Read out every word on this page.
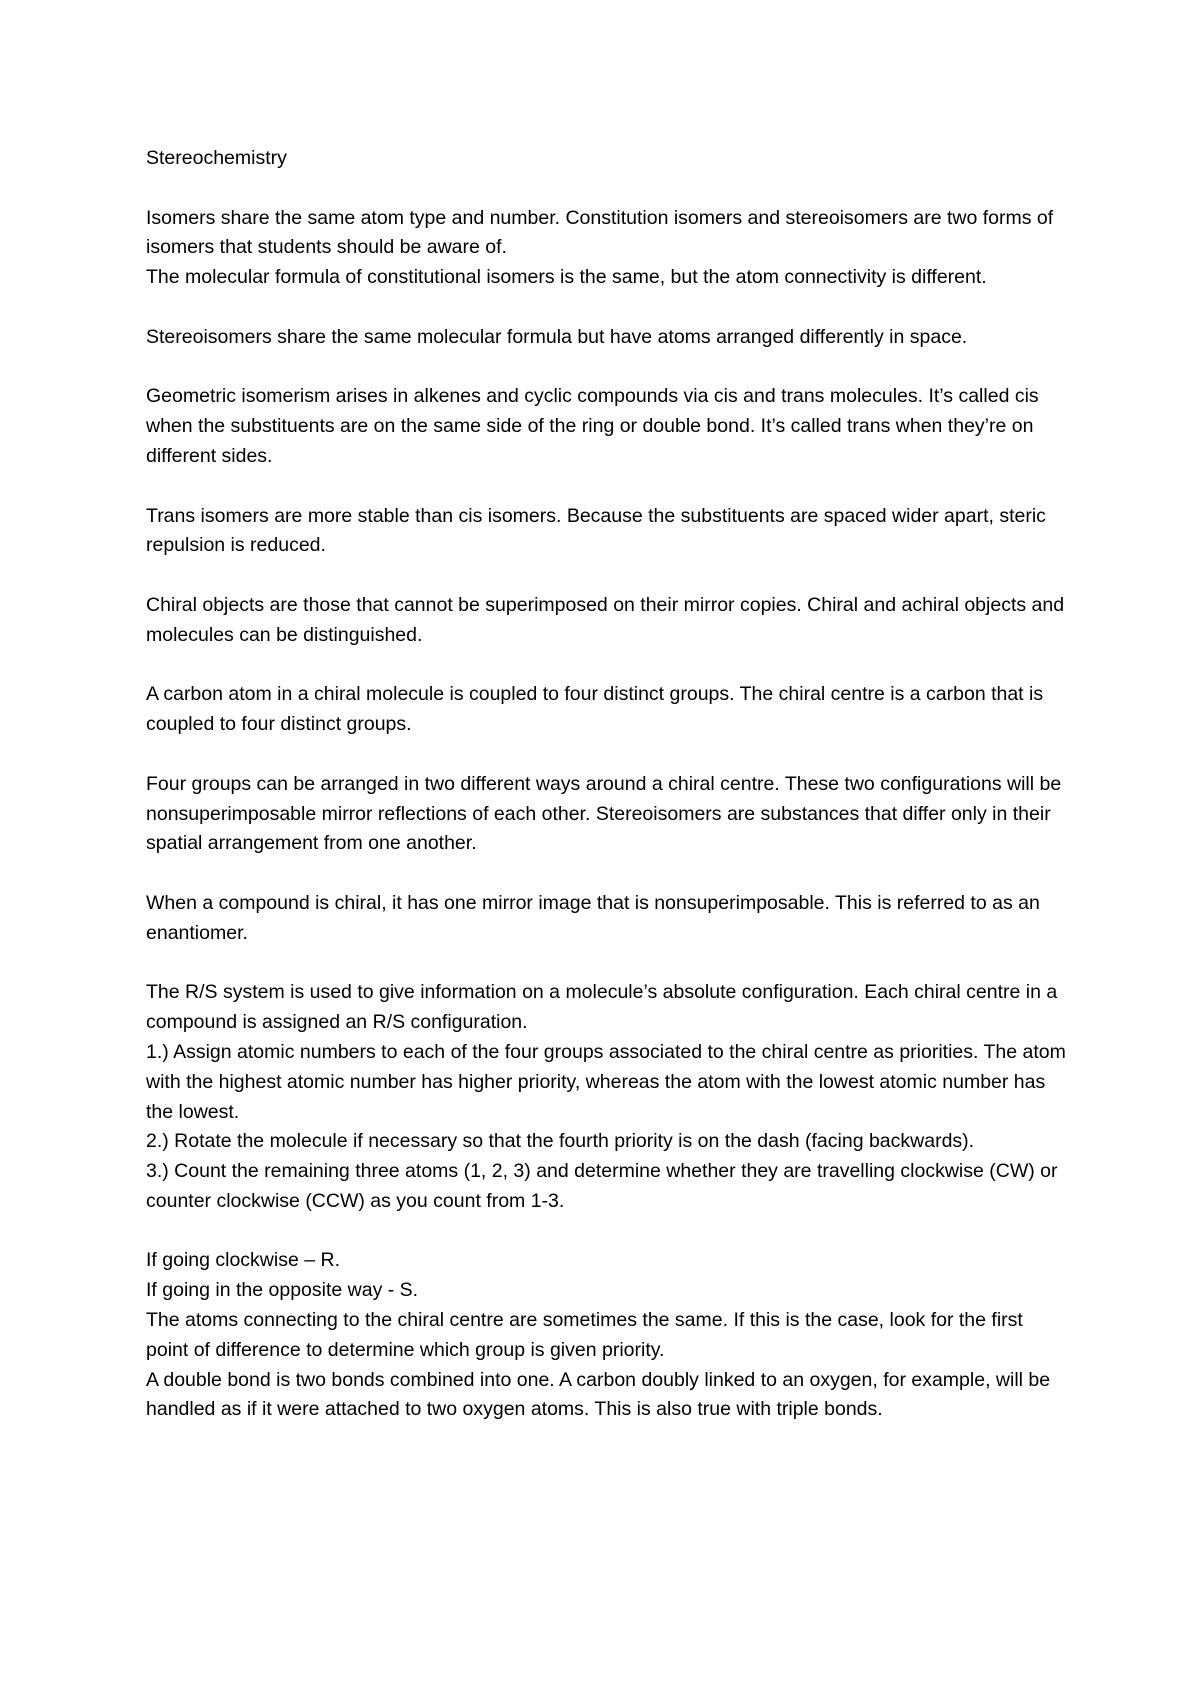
Stereochemistry

Isomers share the same atom type and number. Constitution isomers and stereoisomers are two forms of isomers that students should be aware of.

The molecular formula of constitutional isomers is the same, but the atom connectivity is different.

Stereoisomers share the same molecular formula but have atoms arranged differently in space.

Geometric isomerism arises in alkenes and cyclic compounds via cis and trans molecules. It’s called cis when the substituents are on the same side of the ring or double bond. It’s called trans when they’re on different sides.

Trans isomers are more stable than cis isomers. Because the substituents are spaced wider apart, steric repulsion is reduced.

Chiral objects are those that cannot be superimposed on their mirror copies. Chiral and achiral objects and molecules can be distinguished.

A carbon atom in a chiral molecule is coupled to four distinct groups. The chiral centre is a carbon that is coupled to four distinct groups.

Four groups can be arranged in two different ways around a chiral centre. These two configurations will be nonsuperimposable mirror reflections of each other. Stereoisomers are substances that differ only in their spatial arrangement from one another.

When a compound is chiral, it has one mirror image that is nonsuperimposable. This is referred to as an enantiomer.

The R/S system is used to give information on a molecule’s absolute configuration. Each chiral centre in a compound is assigned an R/S configuration.

1.) Assign atomic numbers to each of the four groups associated to the chiral centre as priorities. The atom with the highest atomic number has higher priority, whereas the atom with the lowest atomic number has the lowest.

2.) Rotate the molecule if necessary so that the fourth priority is on the dash (facing backwards).

3.) Count the remaining three atoms (1, 2, 3) and determine whether they are travelling clockwise (CW) or counter clockwise (CCW) as you count from 1-3.

If going clockwise – R.

If going in the opposite way - S.

The atoms connecting to the chiral centre are sometimes the same. If this is the case, look for the first point of difference to determine which group is given priority.

A double bond is two bonds combined into one. A carbon doubly linked to an oxygen, for example, will be handled as if it were attached to two oxygen atoms. This is also true with triple bonds.
